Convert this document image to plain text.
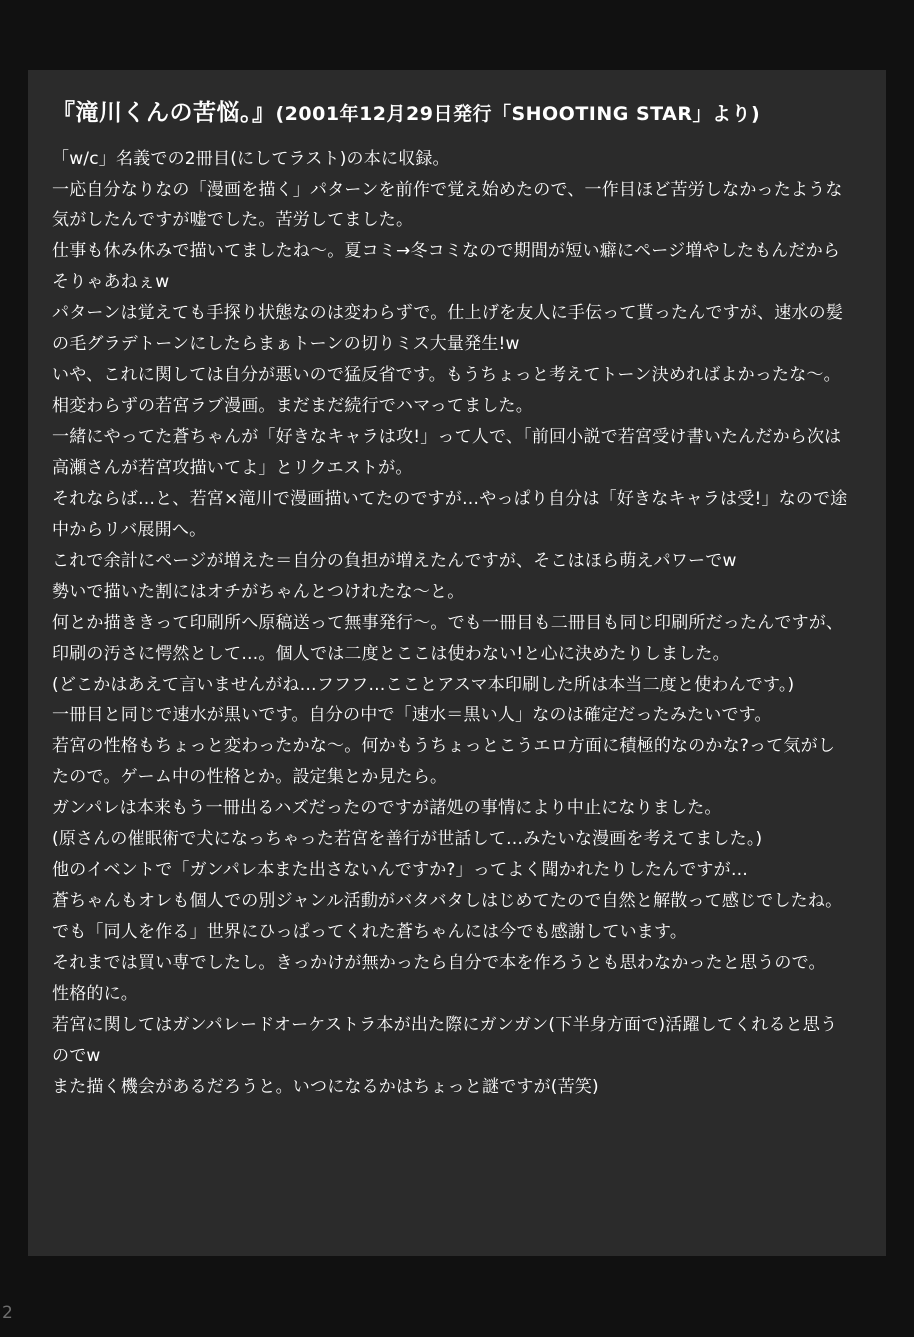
2
『滝川くんの苦悩。』(2001年12月29日発行「SHOOTING STAR」より)

「w/c」名義での2冊目(にしてラスト)の本に収録。

一応自分なりなの「漫画を描く」パターンを前作で覚え始めたので、一作目ほど苦労しなかったような気がしたんですが嘘でした。苦労してました。

仕事も休み休みで描いてましたね～。夏コミ→冬コミなので期間が短い癖にページ増やしたもんだからそりゃあねぇw

パターンは覚えても手探り状態なのは変わらずで。仕上げを友人に手伝って貰ったんですが、速水の髪の毛グラデトーンにしたらまぁトーンの切りミス大量発生!w

いや、これに関しては自分が悪いので猛反省です。もうちょっと考えてトーン決めればよかったな～。

相変わらずの若宮ラブ漫画。まだまだ続行でハマってました。

一緒にやってた蒼ちゃんが「好きなキャラは攻!」って人で、「前回小説で若宮受け書いたんだから次は高瀬さんが若宮攻描いてよ」とリクエストが。

それならば…と、若宮×滝川で漫画描いてたのですが…やっぱり自分は「好きなキャラは受!」なので途中からリバ展開へ。

これで余計にページが増えた＝自分の負担が増えたんですが、そこはほら萌えパワーでw

勢いで描いた割にはオチがちゃんとつけれたな～と。

何とか描ききって印刷所へ原稿送って無事発行～。でも一冊目も二冊目も同じ印刷所だったんですが、印刷の汚さに愕然として…。個人では二度とここは使わない!と心に決めたりしました。

(どこかはあえて言いませんがね…フフフ…こことアスマ本印刷した所は本当二度と使わんです。)

一冊目と同じで速水が黒いです。自分の中で「速水＝黒い人」なのは確定だったみたいです。

若宮の性格もちょっと変わったかな～。何かもうちょっとこうエロ方面に積極的なのかな?って気がしたので。ゲーム中の性格とか。設定集とか見たら。

ガンパレは本来もう一冊出るハズだったのですが諸処の事情により中止になりました。

(原さんの催眠術で犬になっちゃった若宮を善行が世話して…みたいな漫画を考えてました。)

他のイベントで「ガンパレ本また出さないんですか?」ってよく聞かれたりしたんですが…

蒼ちゃんもオレも個人での別ジャンル活動がバタバタしはじめてたので自然と解散って感じでしたね。

でも「同人を作る」世界にひっぱってくれた蒼ちゃんには今でも感謝しています。

それまでは買い専でしたし。きっかけが無かったら自分で本を作ろうとも思わなかったと思うので。

性格的に。

若宮に関してはガンパレードオーケストラ本が出た際にガンガン(下半身方面で)活躍してくれると思うのでw

また描く機会があるだろうと。いつになるかはちょっと謎ですが(苦笑)
